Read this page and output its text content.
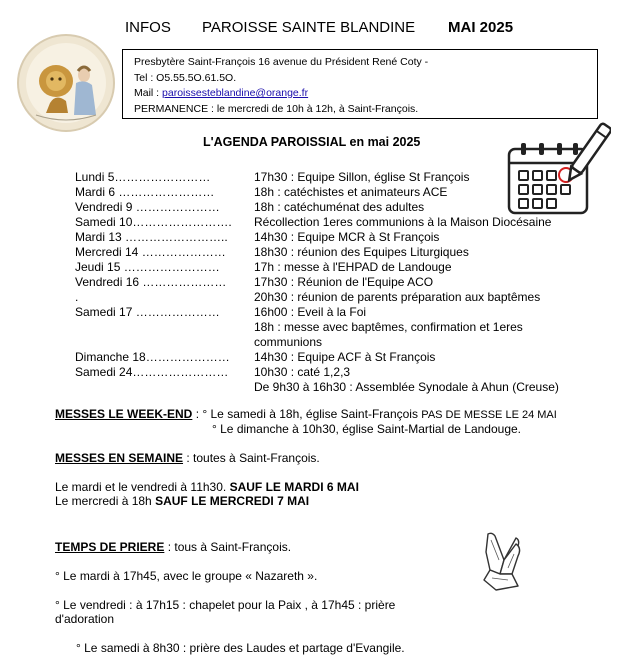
INFOS PAROISSE SAINTE BLANDINE MAI 2025
Presbytère Saint-François 16 avenue du Président René Coty -
Tel : O5.55.5O.61.5O.
Mail : paroissesteblandine@orange.fr
PERMANENCE : le mercredi de 10h à 12h, à Saint-François.
L'AGENDA PAROISSIAL en mai 2025
Lundi 5……………………	17h30 : Equipe Sillon, église St François
Mardi 6 ……………………	18h : catéchistes et animateurs ACE
Vendredi 9 …………………	18h : catéchuménat des adultes
Samedi 10……………………. Récollection 1eres communions à la Maison Diocésaine
Mardi 13 …………………….. 14h30 : Equipe MCR à St François
Mercredi 14 ………………… 18h30 : réunion des Equipes Liturgiques
Jeudi 15 ……………………	17h : messe à l'EHPAD de Landouge
Vendredi 16 ………………… 17h30 : Réunion de l'Equipe ACO
.	20h30 : réunion de parents préparation aux baptêmes
Samedi 17 …………………	16h00 : Eveil à la Foi
18h : messe avec baptêmes, confirmation et 1eres
communions
Dimanche 18………………… 14h30 : Equipe ACF à St François
Samedi 24…………………… 10h30 : caté 1,2,3
De 9h30 à 16h30 : Assemblée Synodale à Ahun (Creuse)
MESSES LE WEEK-END : ° Le samedi à 18h, église Saint-François PAS DE MESSE LE 24 MAI
° Le dimanche à 10h30, église Saint-Martial de Landouge.
MESSES EN SEMAINE : toutes à Saint-François.
Le mardi et le vendredi à 11h30. SAUF LE MARDI 6 MAI
Le mercredi à 18h SAUF LE MERCREDI 7 MAI
TEMPS DE PRIERE : tous à Saint-François.
° Le mardi à 17h45, avec le groupe « Nazareth ».
° Le vendredi : à 17h15 : chapelet pour la Paix , à 17h45 : prière
d'adoration
° Le samedi à 8h30 : prière des Laudes et partage d'Evangile.
